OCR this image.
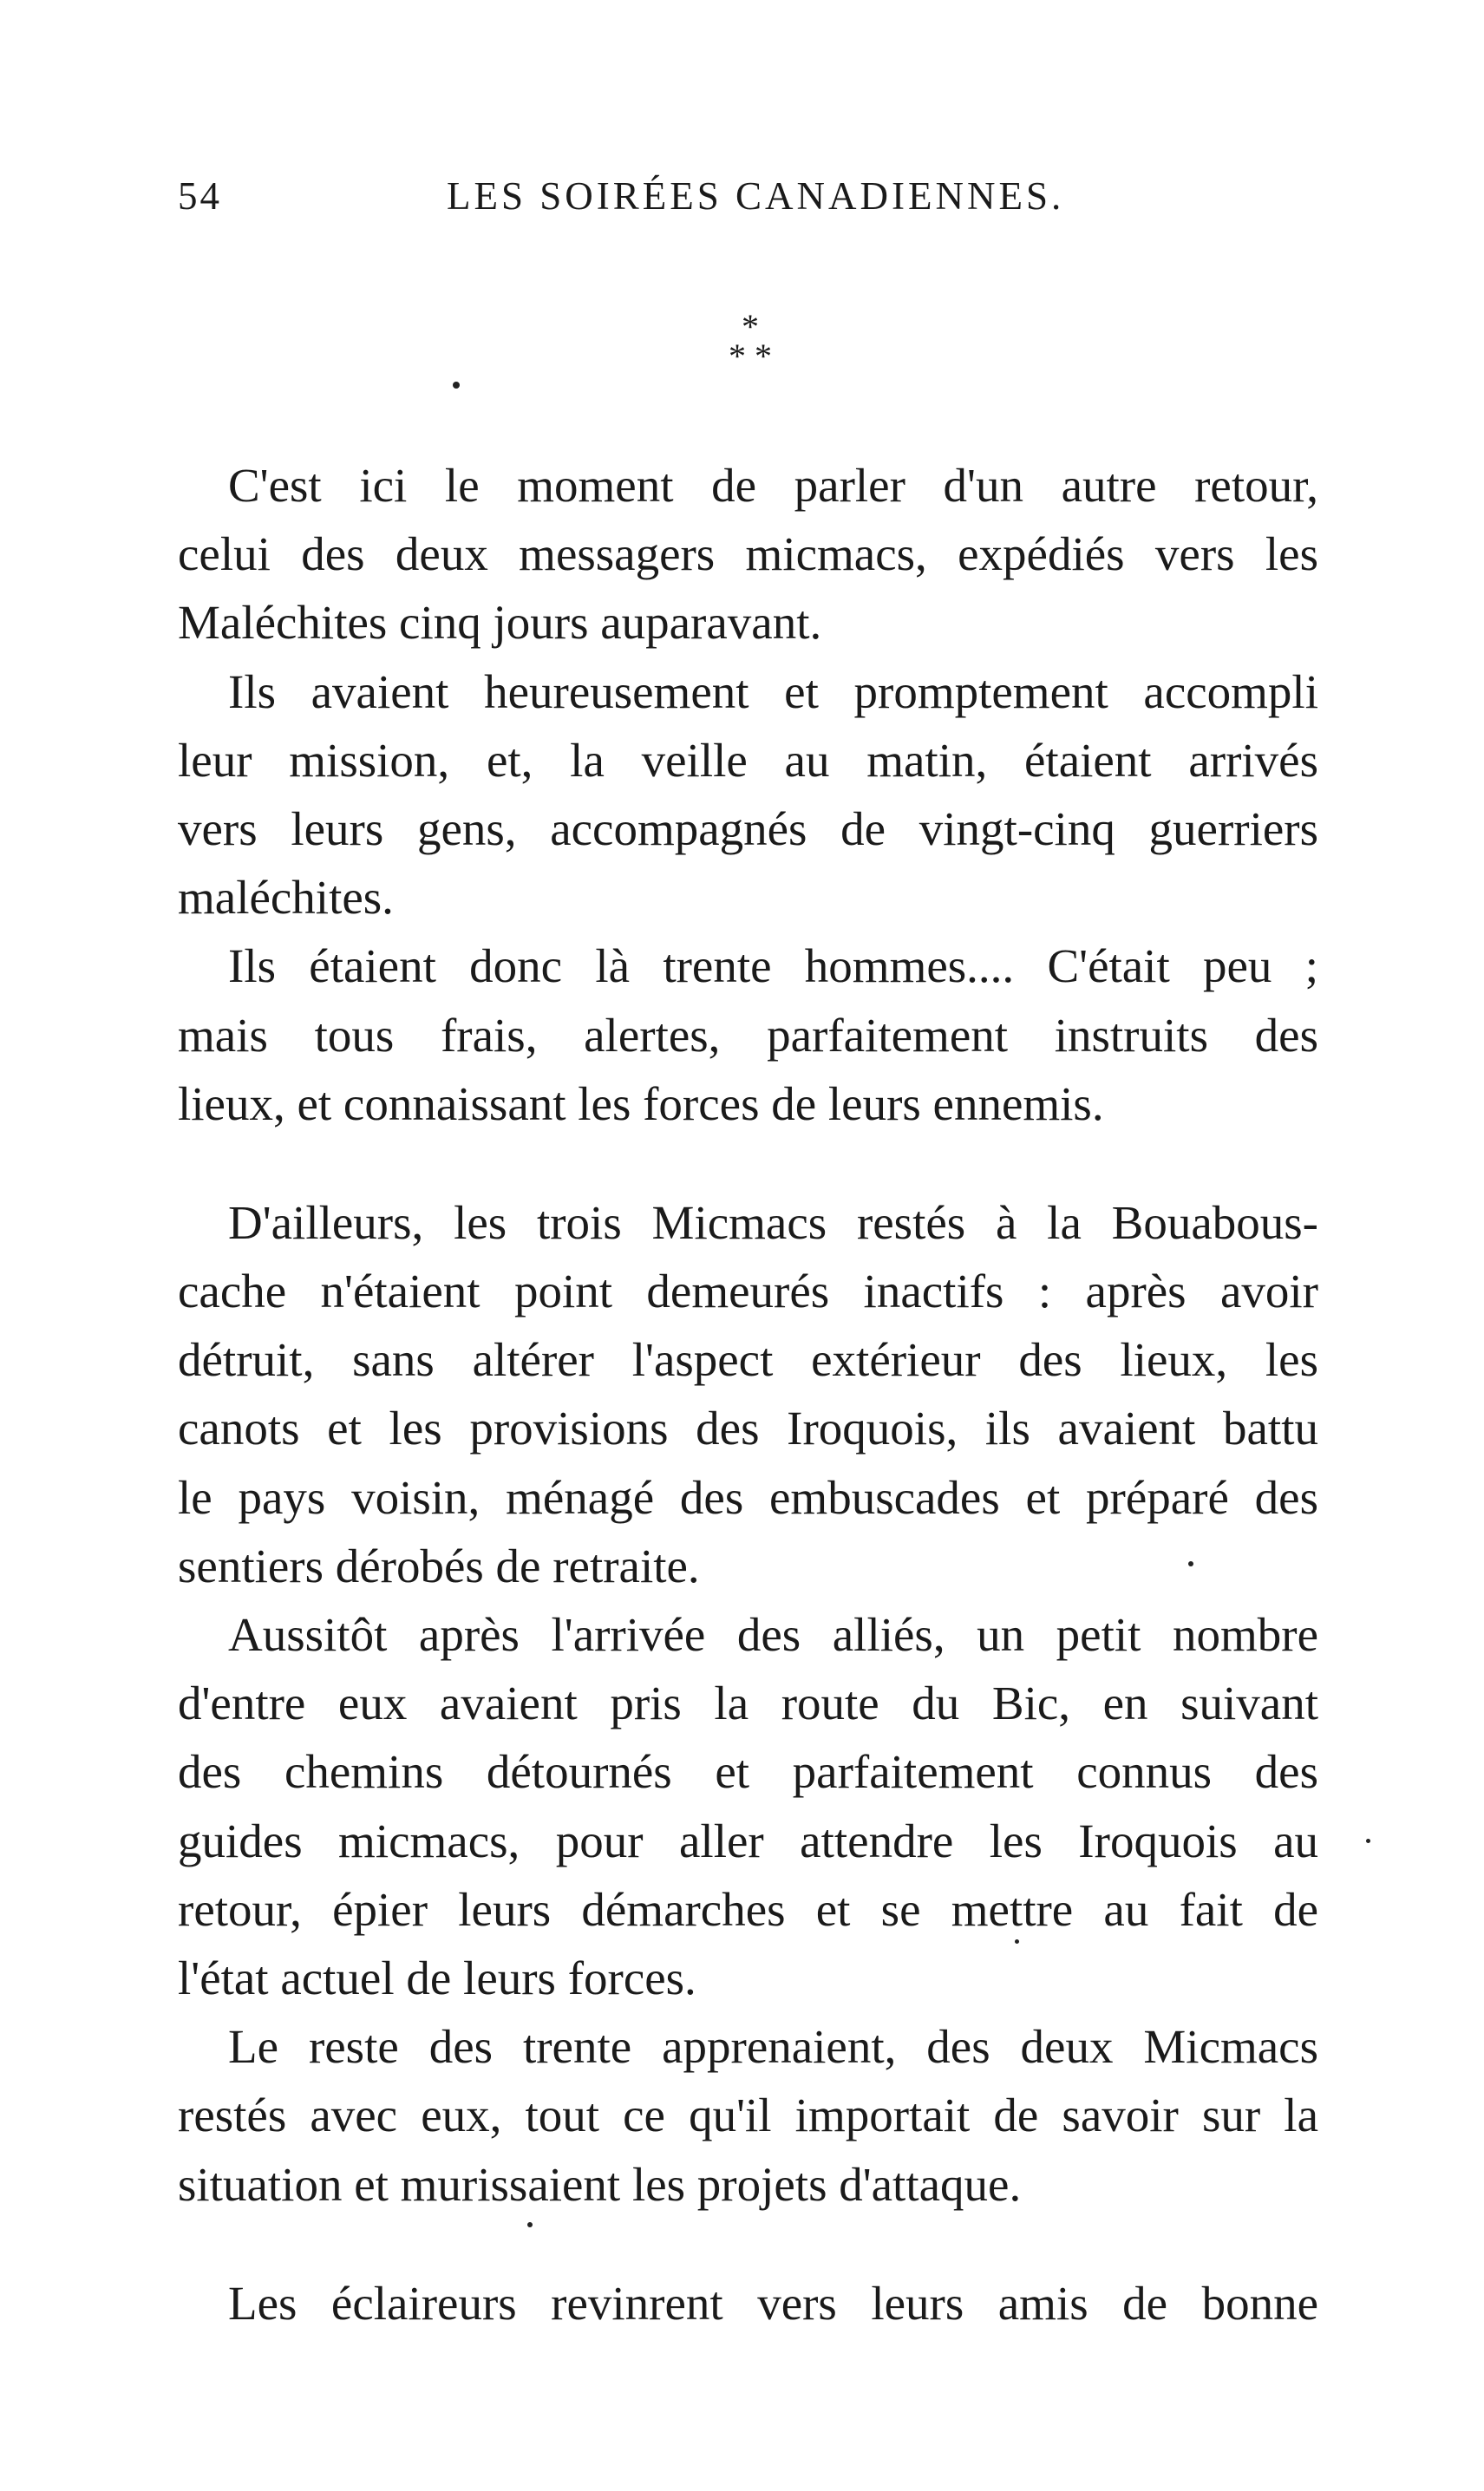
54	LES SOIRÉES CANADIENNES.
*
* *
C'est ici le moment de parler d'un autre retour,
celui des deux messagers micmacs, expédiés vers les
Maléchites cinq jours auparavant.
Ils avaient heureusement et promptement accompli
leur mission, et, la veille au matin, étaient arrivés
vers leurs gens, accompagnés de vingt-cinq guerriers
maléchites.
Ils étaient donc là trente hommes.... C'était peu ;
mais tous frais, alertes, parfaitement instruits des
lieux, et connaissant les forces de leurs ennemis.
D'ailleurs, les trois Micmacs restés à la Bouabous-
cache n'étaient point demeurés inactifs : après avoir
détruit, sans altérer l'aspect extérieur des lieux, les
canots et les provisions des Iroquois, ils avaient battu
le pays voisin, ménagé des embuscades et préparé des
sentiers dérobés de retraite.
Aussitôt après l'arrivée des alliés, un petit nombre
d'entre eux avaient pris la route du Bic, en suivant
des chemins détournés et parfaitement connus des
guides micmacs, pour aller attendre les Iroquois au
retour, épier leurs démarches et se mettre au fait de
l'état actuel de leurs forces.
Le reste des trente apprenaient, des deux Micmacs
restés avec eux, tout ce qu'il importait de savoir sur la
situation et murissaient les projets d'attaque.
Les éclaireurs revinrent vers leurs amis de bonne
